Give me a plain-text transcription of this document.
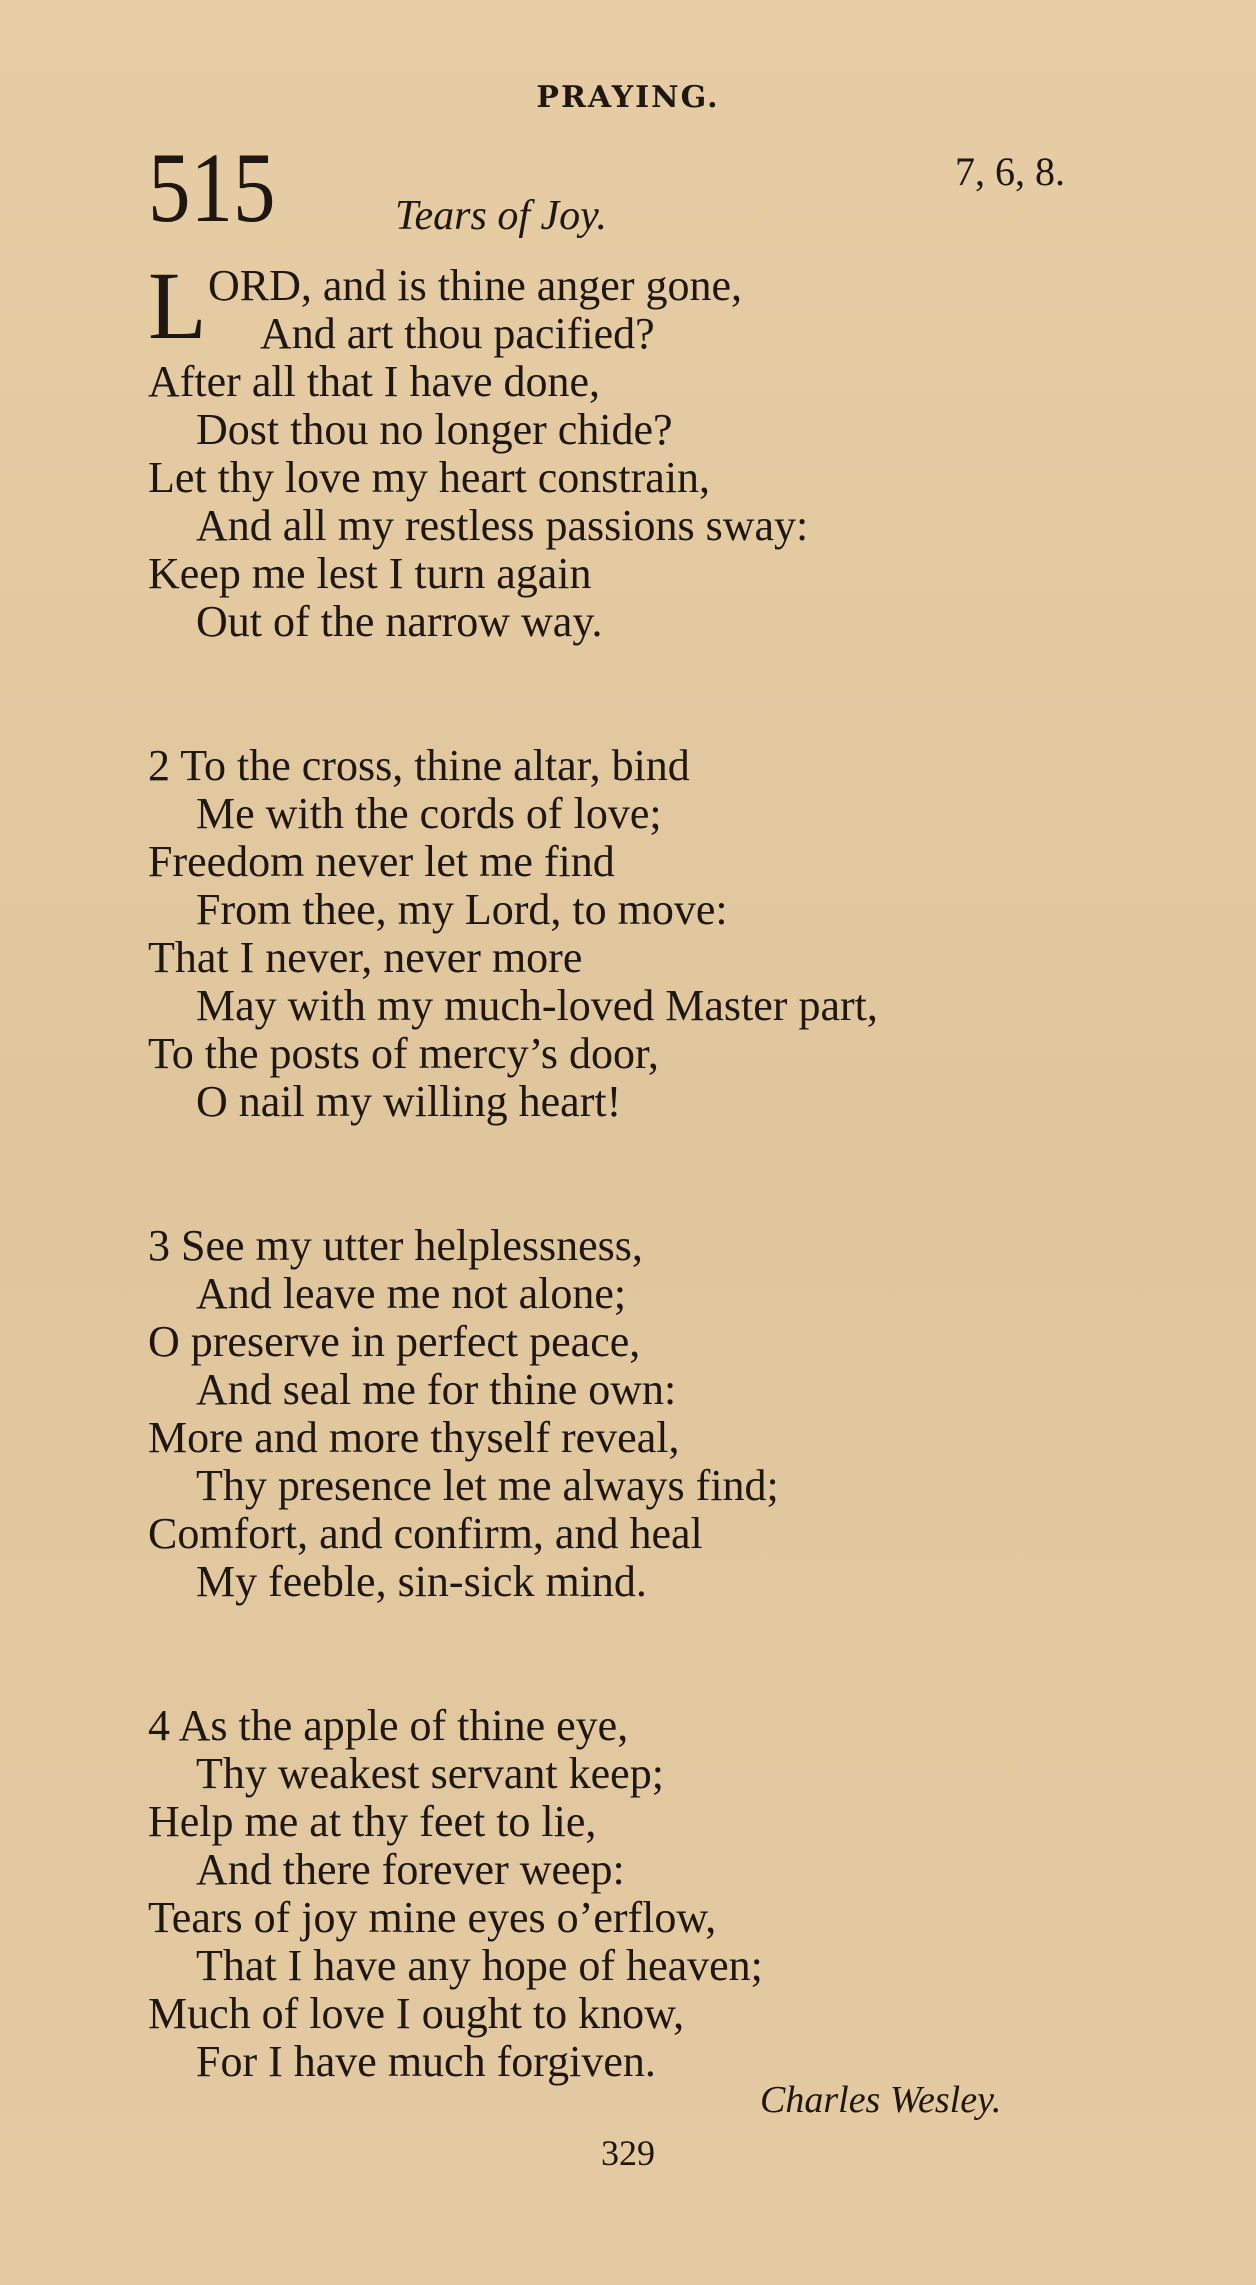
PRAYING.
515	Tears of Joy.
7, 6, 8.
L ORD, and is thine anger gone,
And art thou pacified?
After all that I have done,
Dost thou no longer chide?
Let thy love my heart constrain,
And all my restless passions sway:
Keep me lest I turn again
Out of the narrow way.
2 To the cross, thine altar, bind
Me with the cords of love;
Freedom never let me find
From thee, my Lord, to move:
That I never, never more
May with my much-loved Master part,
To the posts of mercy’s door,
O nail my willing heart!
3 See my utter helplessness,
And leave me not alone;
O preserve in perfect peace,
And seal me for thine own:
More and more thyself reveal,
Thy presence let me always find;
Comfort, and confirm, and heal
My feeble, sin-sick mind.
4 As the apple of thine eye,
Thy weakest servant keep;
Help me at thy feet to lie,
And there forever weep:
Tears of joy mine eyes o’erflow,
That I have any hope of heaven;
Much of love I ought to know,
For I have much forgiven.
Charles Wesley.
329
